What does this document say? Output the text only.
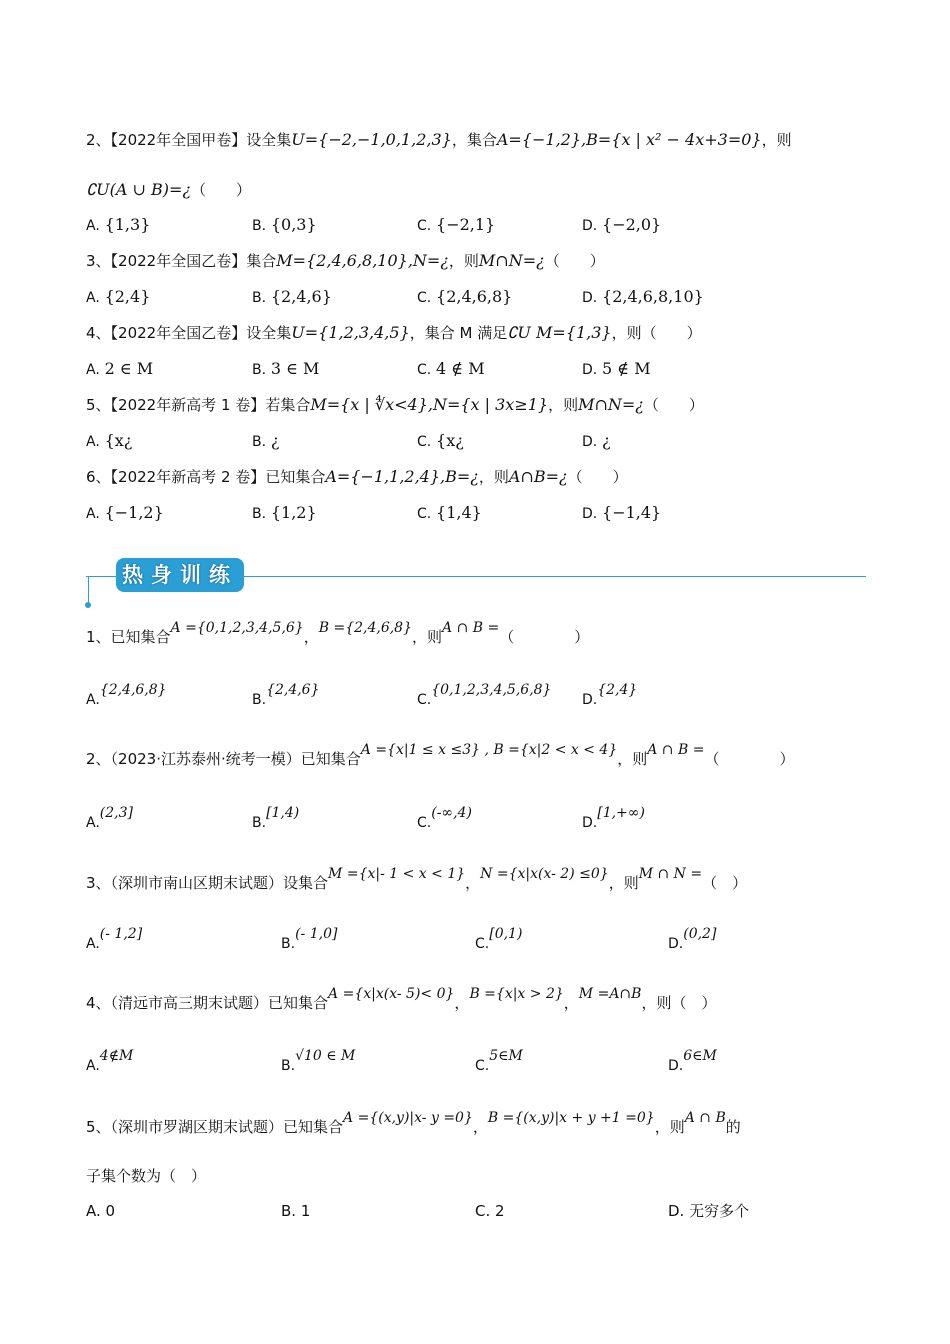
2、【2022年全国甲卷】设全集U={−2,−1,0,1,2,3}，集合A={−1,2},B={x | x² − 4x+3=0}，则
∁U(A ∪ B)=¿（　　）
A. {1,3}	B. {0,3}	C. {−2,1}	D. {−2,0}
3、【2022年全国乙卷】集合M={2,4,6,8,10},N=¿，则M∩N=¿（　　）
A. {2,4}	B. {2,4,6}	C. {2,4,6,8}	D. {2,4,6,8,10}
4、【2022年全国乙卷】设全集U={1,2,3,4,5}，集合 M 满足∁U M={1,3}，则（　　）
A. 2 ∈ M	B. 3 ∈ M	C. 4 ∉ M	D. 5 ∉ M
5、【2022年新高考 1 卷】若集合M={x | ∜x<4},N={x | 3x≥1}，则M∩N=¿（　　）
A. {x¿	B. ¿	C. {x¿	D. ¿
6、【2022年新高考 2 卷】已知集合A={−1,1,2,4},B=¿，则A∩B=¿（　　）
A. {−1,2}	B. {1,2}	C. {1,4}	D. {−1,4}
热身训练
1、已知集合A ={0,1,2,3,4,5,6}，B ={2,4,6,8}，则A ∩ B =（　　　　）
A.{2,4,6,8}
B.{2,4,6}
C.{0,1,2,3,4,5,6,8}
D.{2,4}
2、（2023·江苏泰州·统考一模）已知集合A ={x|1 ≤ x ≤3} , B ={x|2 < x < 4}，则A ∩ B =（　　　　）
A.(2,3]
B.[1,4)
C.(-∞,4)
D.[1,+∞)
3、（深圳市南山区期末试题）设集合M ={x|- 1 < x < 1}，N ={x|x(x- 2) ≤0}，则M ∩ N =（　）
A.(- 1,2]
B.(- 1,0]
C.[0,1)
D.(0,2]
4、（清远市高三期末试题）已知集合A ={x|x(x- 5)< 0}，B ={x|x > 2}，M =A∩B，则（　）
A.4∉M
B.√10 ∈ M
C.5∈M
D.6∈M
5、（深圳市罗湖区期末试题）已知集合A ={(x,y)|x- y =0}，B ={(x,y)|x + y +1 =0}，则A ∩ B的
子集个数为（　）
A. 0	B. 1	C. 2	D. 无穷多个
